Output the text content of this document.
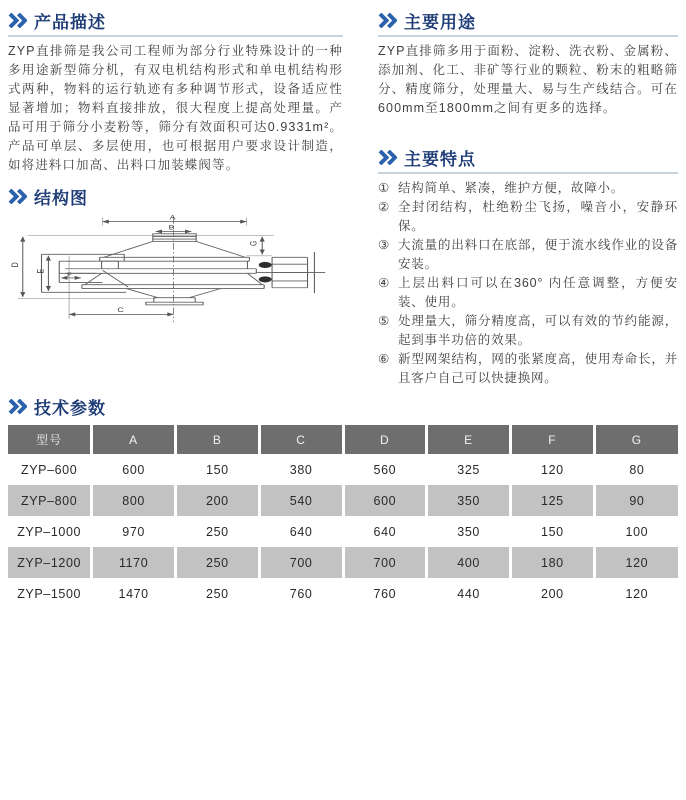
产品描述

ZYP直排筛是我公司工程师为部分行业特殊设计的一种多用途新型筛分机，有双电机结构形式和单电机结构形式两种，物料的运行轨迹有多种调节形式，设备适应性显著增加；物料直接排放，很大程度上提高处理量。产品可用于筛分小麦粉等，筛分有效面积可达0.9331m²。产品可单层、多层使用，也可根据用户要求设计制造，如将进料口加高、出料口加装蝶阀等。

结构图
A
B
C
D
E
F
G
主要用途

ZYP直排筛多用于面粉、淀粉、洗衣粉、金属粉、添加剂、化工、非矿等行业的颗粒、粉末的粗略筛分、精度筛分，处理量大、易与生产线结合。可在600mm至1800mm之间有更多的选择。

主要特点
① 结构简单、紧凑，维护方便，故障小。
② 全封闭结构，杜绝粉尘飞扬，噪音小，安静环保。
③ 大流量的出料口在底部，便于流水线作业的设备安装。
④ 上层出料口可以在360° 内任意调整，方便安装、使用。
⑤ 处理量大，筛分精度高，可以有效的节约能源，起到事半功倍的效果。
⑥ 新型网架结构，网的张紧度高，使用寿命长，并且客户自己可以快捷换网。
技术参数
型号	A	B	C	D	E	F	G
ZYP–600	600	150	380	560	325	120	80
ZYP–800	800	200	540	600	350	125	90
ZYP–1000	970	250	640	640	350	150	100
ZYP–1200	1170	250	700	700	400	180	120
ZYP–1500	1470	250	760	760	440	200	120
